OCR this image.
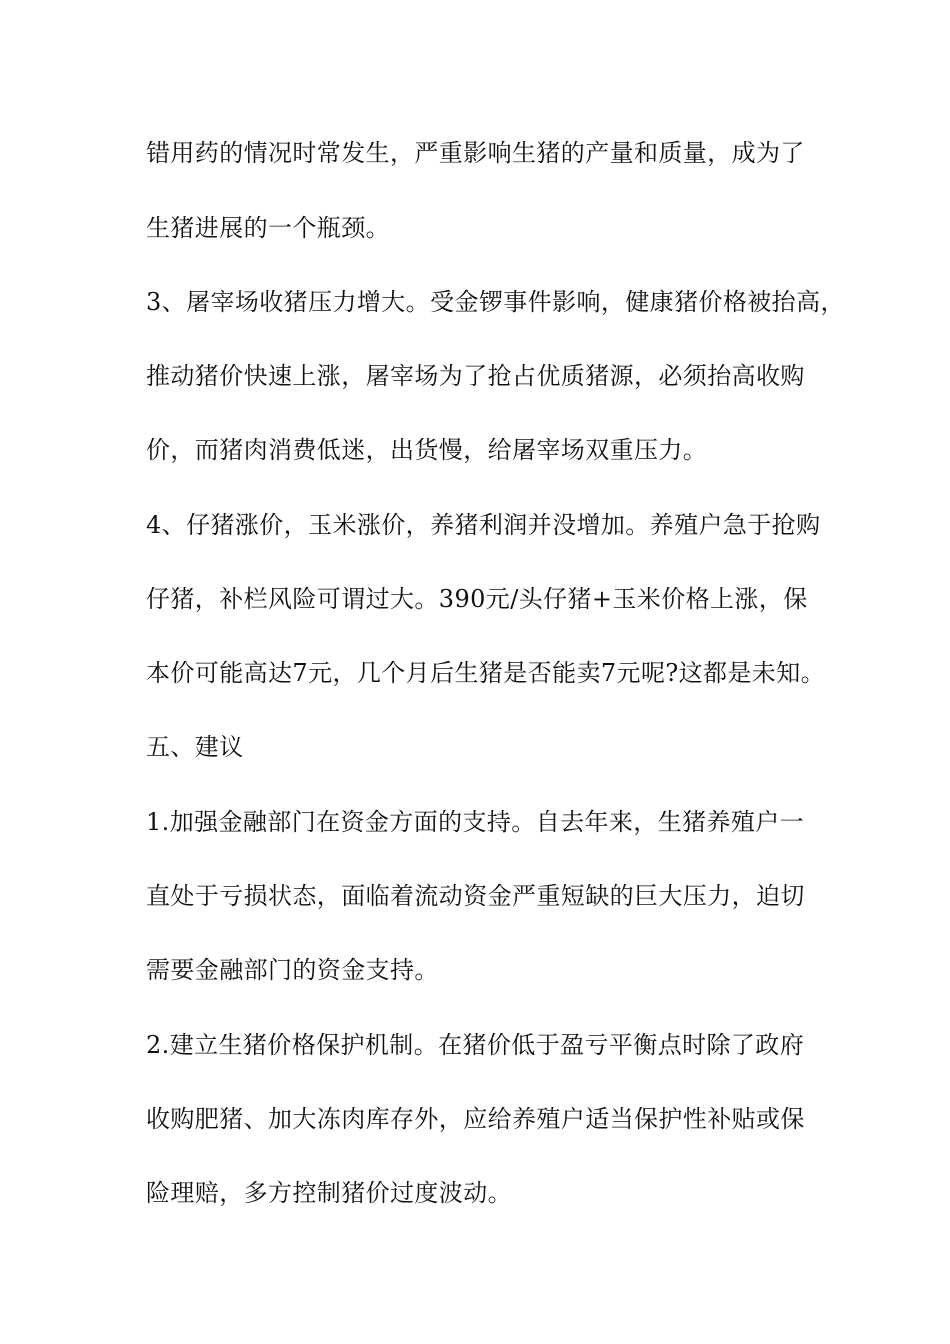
错用药的情况时常发生，严重影响生猪的产量和质量，成为了
生猪进展的一个瓶颈。
3、屠宰场收猪压力增大。受金锣事件影响，健康猪价格被抬高，
推动猪价快速上涨，屠宰场为了抢占优质猪源，必须抬高收购
价，而猪肉消费低迷，出货慢，给屠宰场双重压力。
4、仔猪涨价，玉米涨价，养猪利润并没增加。养殖户急于抢购
仔猪，补栏风险可谓过大。390元/头仔猪+玉米价格上涨，保
本价可能高达7元，几个月后生猪是否能卖7元呢?这都是未知。
五、建议
1.加强金融部门在资金方面的支持。自去年来，生猪养殖户一
直处于亏损状态，面临着流动资金严重短缺的巨大压力，迫切
需要金融部门的资金支持。
2.建立生猪价格保护机制。在猪价低于盈亏平衡点时除了政府
收购肥猪、加大冻肉库存外，应给养殖户适当保护性补贴或保
险理赔，多方控制猪价过度波动。
